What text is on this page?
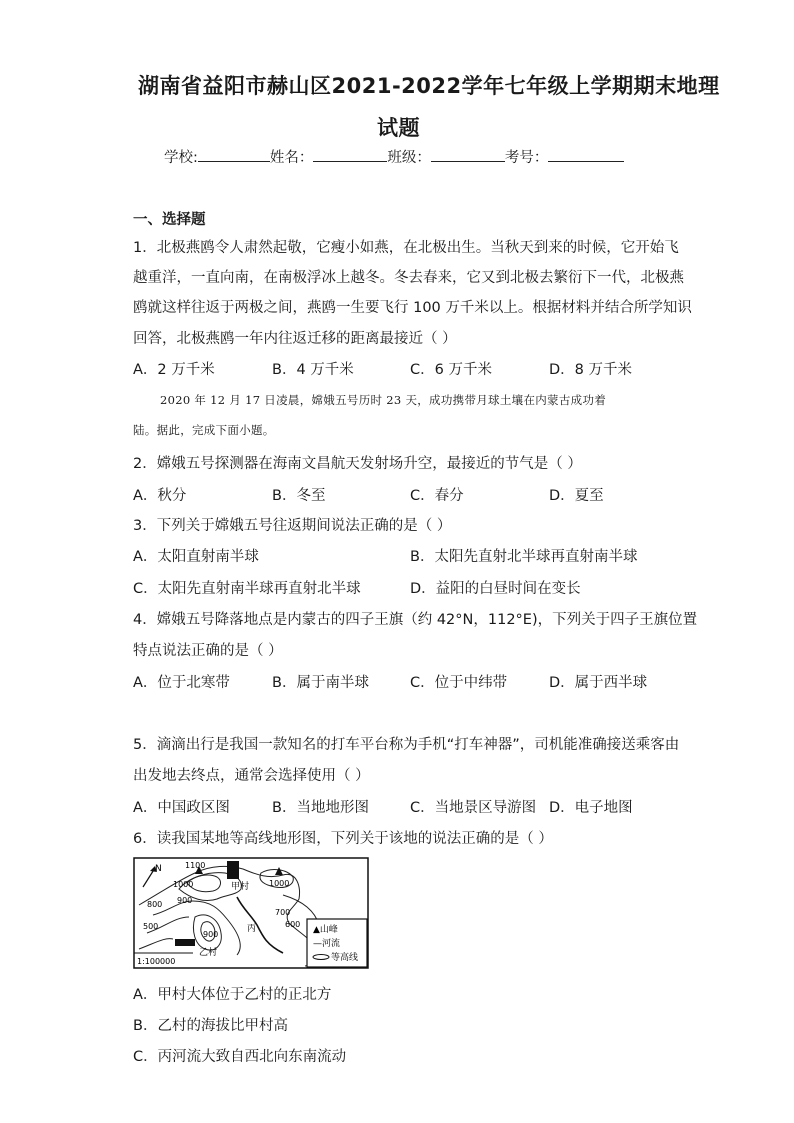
湖南省益阳市赫山区2021-2022学年七年级上学期期末地理
试题
学校:	姓名：	班级：	考号：
一、选择题
1．北极燕鸥令人肃然起敬，它瘦小如燕，在北极出生。当秋天到来的时候，它开始飞
越重洋，一直向南，在南极浮冰上越冬。冬去春来，它又到北极去繁衍下一代，北极燕
鸥就这样往返于两极之间，燕鸥一生要飞行 100 万千米以上。根据材料并结合所学知识
回答，北极燕鸥一年内往返迁移的距离最接近（ ）
A．2 万千米	B．4 万千米	C．6 万千米	D．8 万千米
2020 年 12 月 17 日凌晨，嫦娥五号历时 23 天，成功携带月球土壤在内蒙古成功着
陆。据此，完成下面小题。
2．嫦娥五号探测器在海南文昌航天发射场升空，最接近的节气是（ ）
A．秋分	B．冬至	C．春分	D．夏至
3．下列关于嫦娥五号往返期间说法正确的是（ ）
A．太阳直射南半球	B．太阳先直射北半球再直射南半球
C．太阳先直射南半球再直射北半球	D．益阳的白昼时间在变长
4．嫦娥五号降落地点是内蒙古的四子王旗（约 42°N，112°E)，下列关于四子王旗位置
特点说法正确的是（ ）
A．位于北寒带	B．属于南半球	C．位于中纬带	D．属于西半球
5．滴滴出行是我国一款知名的打车平台称为手机“打车神器”，司机能准确接送乘客由
出发地去终点，通常会选择使用（ ）
A．中国政区图	B．当地地形图	C．当地景区导游图 D．电子地图
6．读我国某地等高线地形图，下列关于该地的说法正确的是（ ）
N
甲村
乙村
丙
1100
1000	1000
900
800
900
700
600
500
1:100000
▲山峰
—河流
等高线
A．甲村大体位于乙村的正北方
B．乙村的海拔比甲村高
C．丙河流大致自西北向东南流动
